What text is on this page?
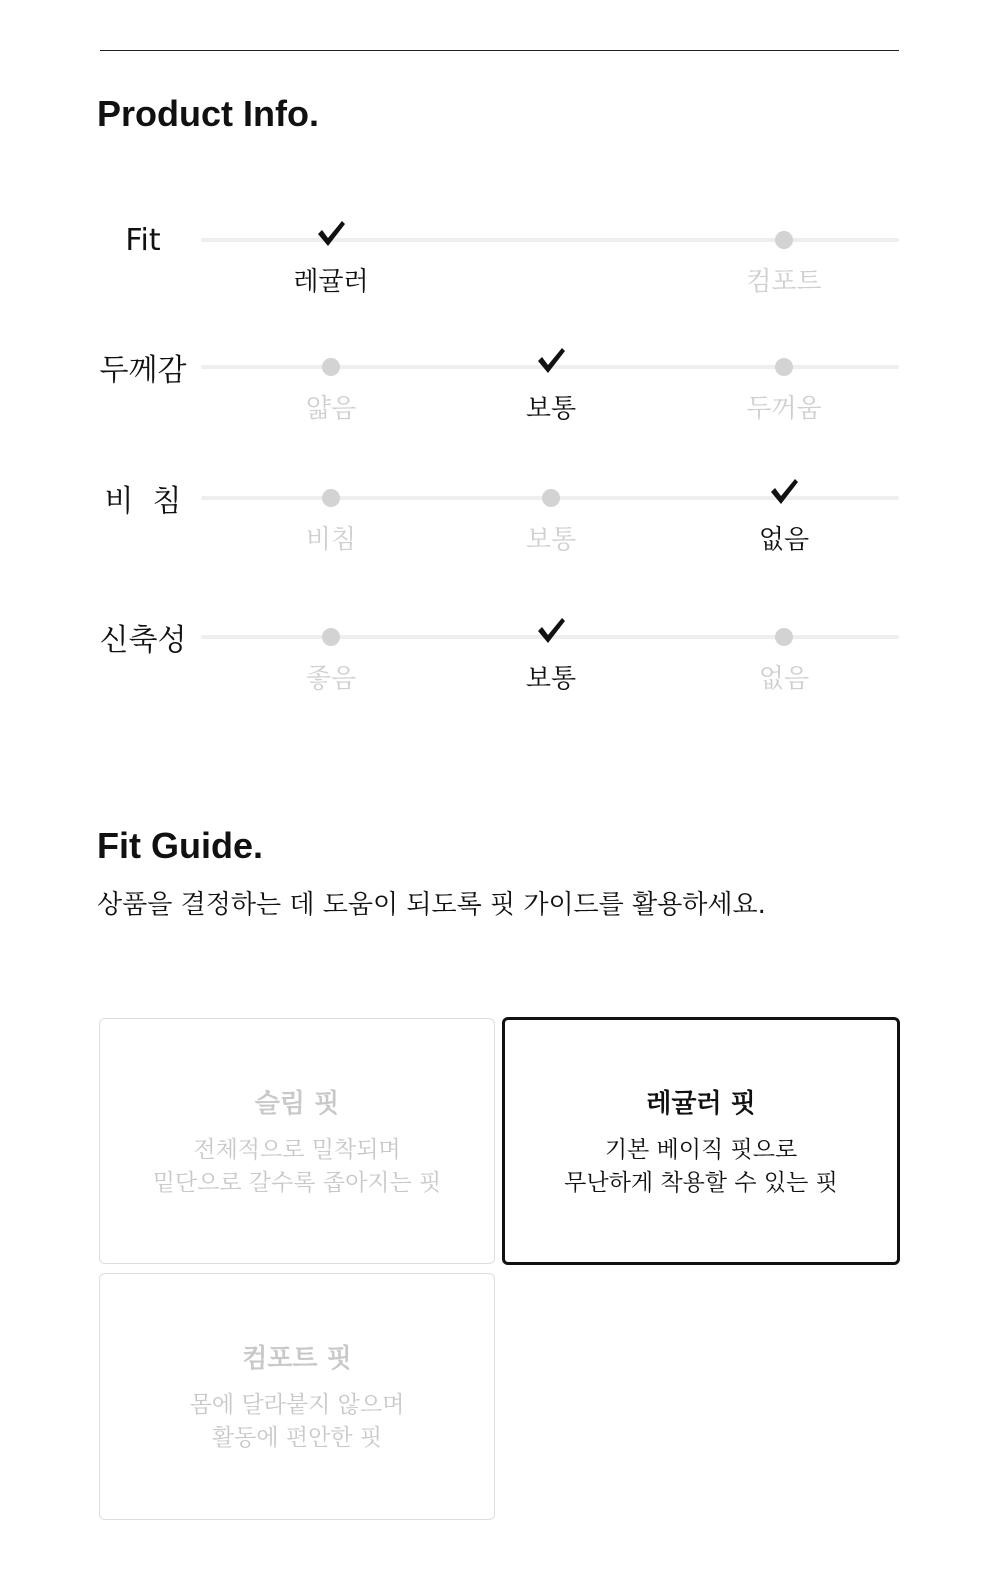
Product Info.
Fit
레귤러	컴포트
두께감
얇음	보통	두꺼움
비  침
비침	보통	없음
신축성
좋음	보통	없음
Fit Guide.

상품을 결정하는 데 도움이 되도록 핏 가이드를 활용하세요.

슬림 핏
전체적으로 밀착되며
밑단으로 갈수록 좁아지는 핏
레귤러 핏
기본 베이직 핏으로
무난하게 착용할 수 있는 핏
컴포트 핏
몸에 달라붙지 않으며
활동에 편안한 핏
